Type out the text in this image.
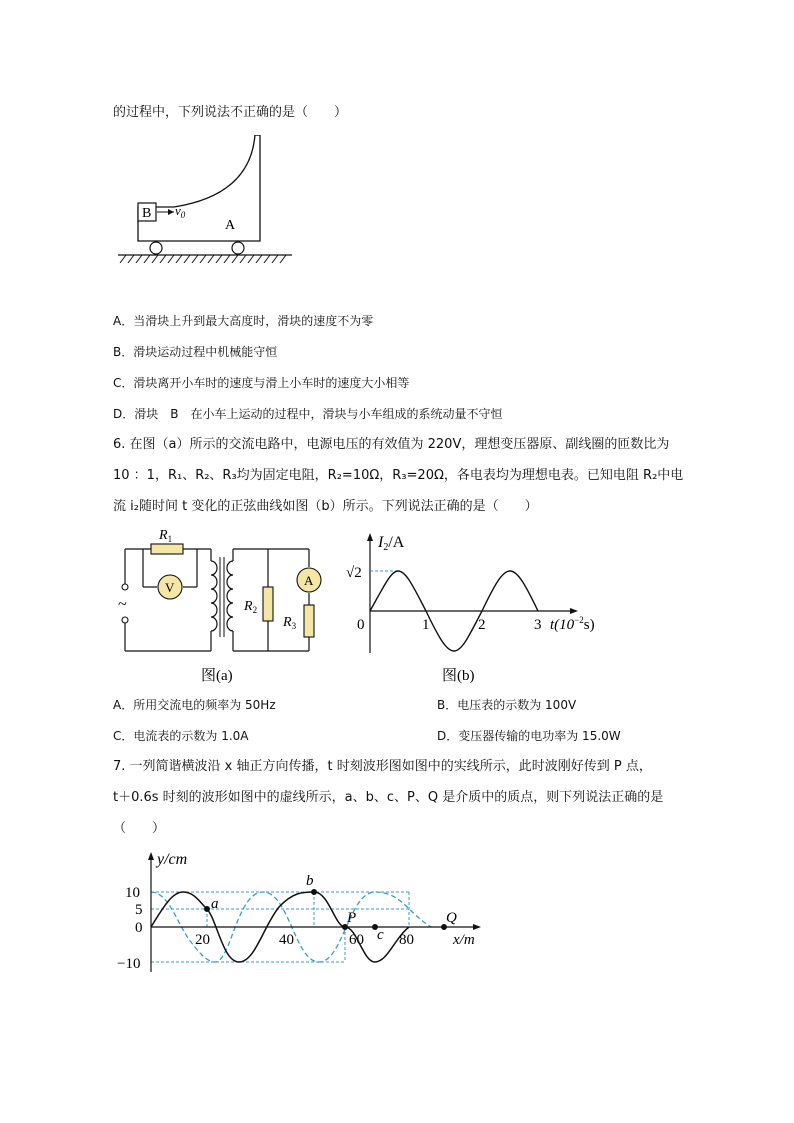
的过程中，下列说法不正确的是（　　）
B $v_0$
A
A．当滑块上升到最大高度时，滑块的速度不为零
B．滑块运动过程中机械能守恒
C．滑块离开小车时的速度与滑上小车时的速度大小相等
D．滑块　B　在小车上运动的过程中，滑块与小车组成的系统动量不守恒
6. 在图（a）所示的交流电路中，电源电压的有效值为 220V，理想变压器原、副线圈的匝数比为
10 ：1，R₁、R₂、R₃均为固定电阻，R₂=10Ω，R₃=20Ω，各电表均为理想电表。已知电阻 R₂中电
流 i₂随时间 t 变化的正弦曲线如图（b）所示。下列说法正确的是（　　）
~
$R_1$
V
$R_2$
A
$R_3$
图(a)
I2/A
√2
0	1	2	3 $t(10^{-2}s)$
图(b)
A．所用交流电的频率为 50Hz	B．电压表的示数为 100V
C．电流表的示数为 1.0A	D．变压器传输的电功率为 15.0W
7. 一列简谐横波沿 x 轴正方向传播，t 时刻波形图如图中的实线所示，此时波刚好传到 P 点，
t＋0.6s 时刻的波形如图中的虚线所示，a、b、c、P、Q 是介质中的质点，则下列说法正确的是
（　　）
y/cm
10
5
0
−10
20	40	60 80	x/m
a
b
P
c
Q
